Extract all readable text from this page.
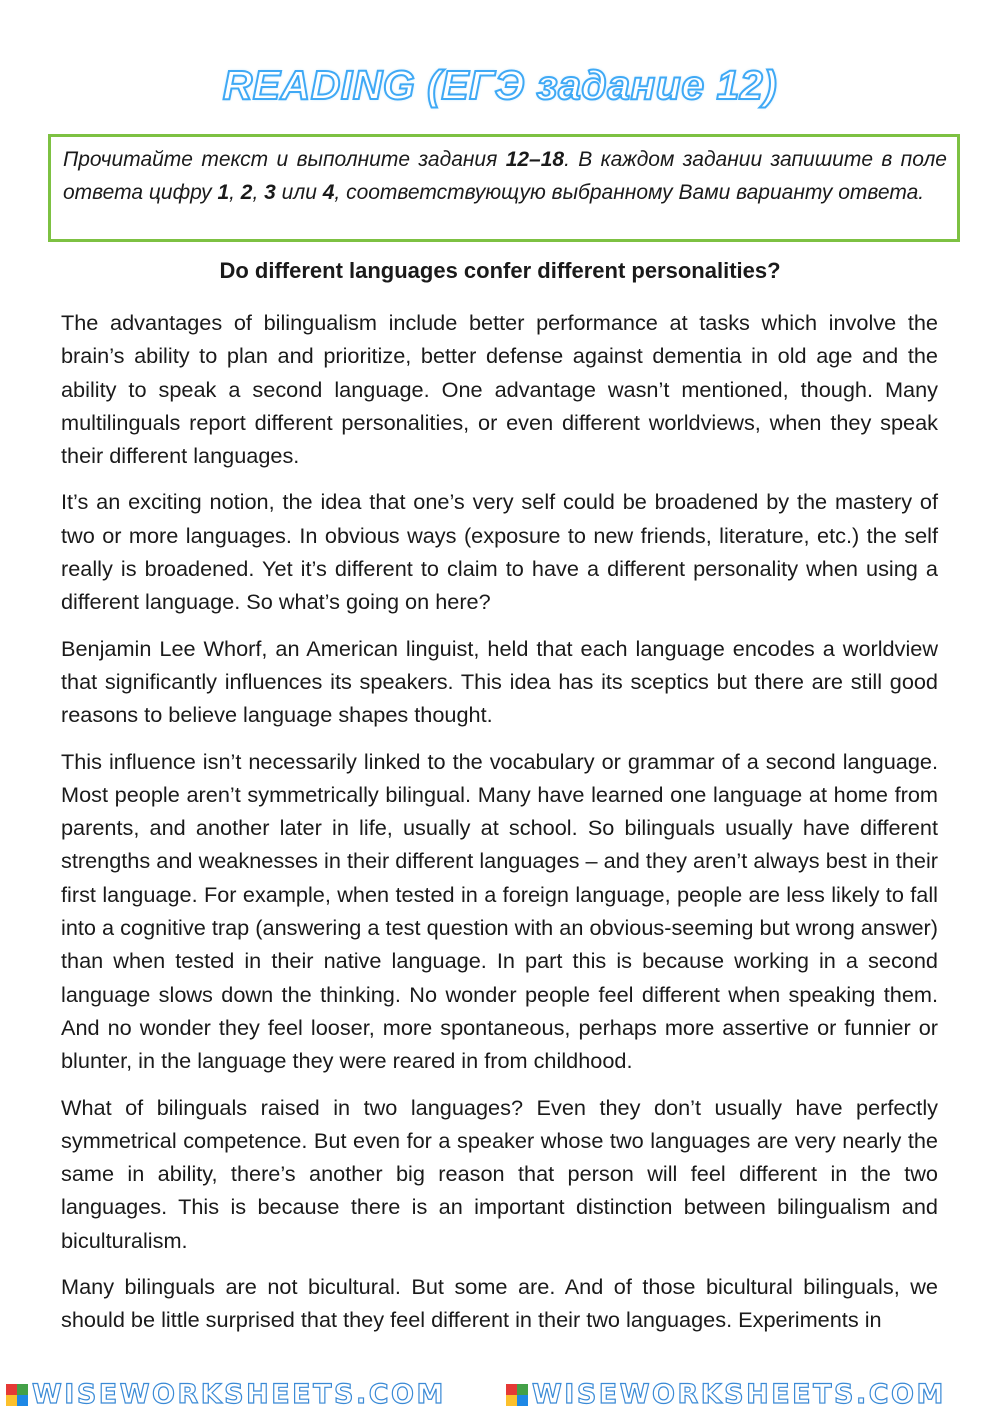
READING (ЕГЭ задание 12)
Прочитайте текст и выполните задания 12–18. В каждом задании запишите в поле ответа цифру 1, 2, 3 или 4, соответствующую выбранному Вами варианту ответа.
Do different languages confer different personalities?

The advantages of bilingualism include better performance at tasks which involve the brain’s ability to plan and prioritize, better defense against dementia in old age and the ability to speak a second language. One advantage wasn’t mentioned, though. Many multilinguals report different personalities, or even different worldviews, when they speak their different languages.

It’s an exciting notion, the idea that one’s very self could be broadened by the mastery of two or more languages. In obvious ways (exposure to new friends, literature, etc.) the self really is broadened. Yet it’s different to claim to have a different personality when using a different language. So what’s going on here?

Benjamin Lee Whorf, an American linguist, held that each language encodes a worldview that significantly influences its speakers. This idea has its sceptics but there are still good reasons to believe language shapes thought.

This influence isn’t necessarily linked to the vocabulary or grammar of a second language. Most people aren’t symmetrically bilingual. Many have learned one language at home from parents, and another later in life, usually at school. So bilinguals usually have different strengths and weaknesses in their different languages – and they aren’t always best in their first language. For example, when tested in a foreign language, people are less likely to fall into a cognitive trap (answering a test question with an obvious-seeming but wrong answer) than when tested in their native language. In part this is because working in a second language slows down the thinking. No wonder people feel different when speaking them. And no wonder they feel looser, more spontaneous, perhaps more assertive or funnier or blunter, in the language they were reared in from childhood.

What of bilinguals raised in two languages? Even they don’t usually have perfectly symmetrical competence. But even for a speaker whose two languages are very nearly the same in ability, there’s another big reason that person will feel different in the two languages. This is because there is an important distinction between bilingualism and biculturalism.

Many bilinguals are not bicultural. But some are. And of those bicultural bilinguals, we should be little surprised that they feel different in their two languages. Experiments in

WISEWORKSHEETS.COM	WISEWORKSHEETS.COM
